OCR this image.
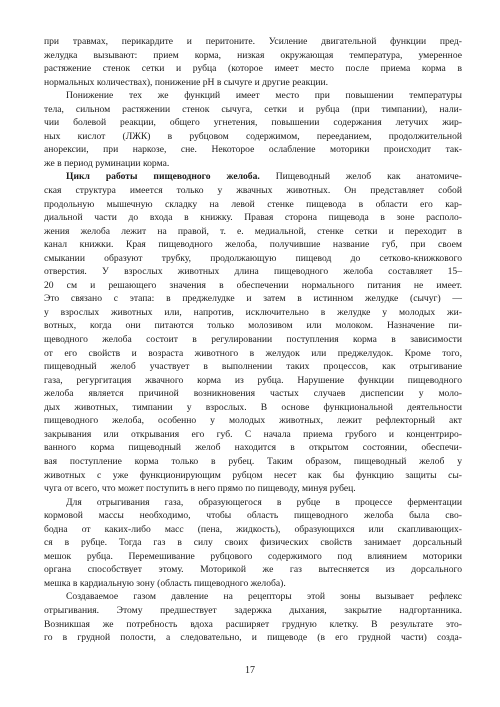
при травмах, перикардите и перитоните. Усиление двигательной функции пред-
желудка вызывают: прием корма, низкая окружающая температура, умеренное
растяжение стенок сетки и рубца (которое имеет место после приема корма в
нормальных количествах), понижение pH в сычуге и другие реакции.

Понижение тех же функций имеет место при повышении температуры
тела, сильном растяжении стенок сычуга, сетки и рубца (при тимпании), нали-
чии болевой реакции, общего угнетения, повышении содержания летучих жир-
ных кислот (ЛЖК) в рубцовом содержимом, перееданием, продолжительной
анорексии, при наркозе, сне. Некоторое ослабление моторики происходит так-
же в период руминации корма.

Цикл работы пищеводного желоба. Пищеводный желоб как анатомиче-
ская структура имеется только у жвачных животных. Он представляет собой
продольную мышечную складку на левой стенке пищевода в области его кар-
диальной части до входа в книжку. Правая сторона пищевода в зоне располо-
жения желоба лежит на правой, т. е. медиальной, стенке сетки и переходит в
канал книжки. Края пищеводного желоба, получившие название губ, при своем
смыкании образуют трубку, продолжающую пищевод до сетково-книжкового
отверстия. У взрослых животных длина пищеводного желоба составляет 15–
20 см и решающего значения в обеспечении нормального питания не имеет.
Это связано с этапа: в преджелудке и затем в истинном желудке (сычуг) —
у взрослых животных или, напротив, исключительно в желудке у молодых жи-
вотных, когда они питаются только молозивом или молоком. Назначение пи-
щеводного желоба состоит в регулировании поступления корма в зависимости
от его свойств и возраста животного в желудок или преджелудок. Кроме того,
пищеводный желоб участвует в выполнении таких процессов, как отрыгивание
газа, регургитация жвачного корма из рубца. Нарушение функции пищеводного
желоба является причиной возникновения частых случаев диспепсии у моло-
дых животных, тимпании у взрослых. В основе функциональной деятельности
пищеводного желоба, особенно у молодых животных, лежит рефлекторный акт
закрывания или открывания его губ. С начала приема грубого и концентриро-
ванного корма пищеводный желоб находится в открытом состоянии, обеспечи-
вая поступление корма только в рубец. Таким образом, пищеводный желоб у
животных с уже функционирующим рубцом несет как бы функцию защиты сы-
чуга от всего, что может поступить в него прямо по пищеводу, минуя рубец.

Для отрыгивания газа, образующегося в рубце в процессе ферментации
кормовой массы необходимо, чтобы область пищеводного желоба была сво-
бодна от каких-либо масс (пена, жидкость), образующихся или скапливающих-
ся в рубце. Тогда газ в силу своих физических свойств занимает дорсальный
мешок рубца. Перемешивание рубцового содержимого под влиянием моторики
органа способствует этому. Моторикой же газ вытесняется из дорсального
мешка в кардиальную зону (область пищеводного желоба).

Создаваемое газом давление на рецепторы этой зоны вызывает рефлекс
отрыгивания. Этому предшествует задержка дыхания, закрытие надгортанника.
Возникшая же потребность вдоха расширяет грудную клетку. В результате это-
го в грудной полости, а следовательно, и пищеводе (в его грудной части) созда-

17
